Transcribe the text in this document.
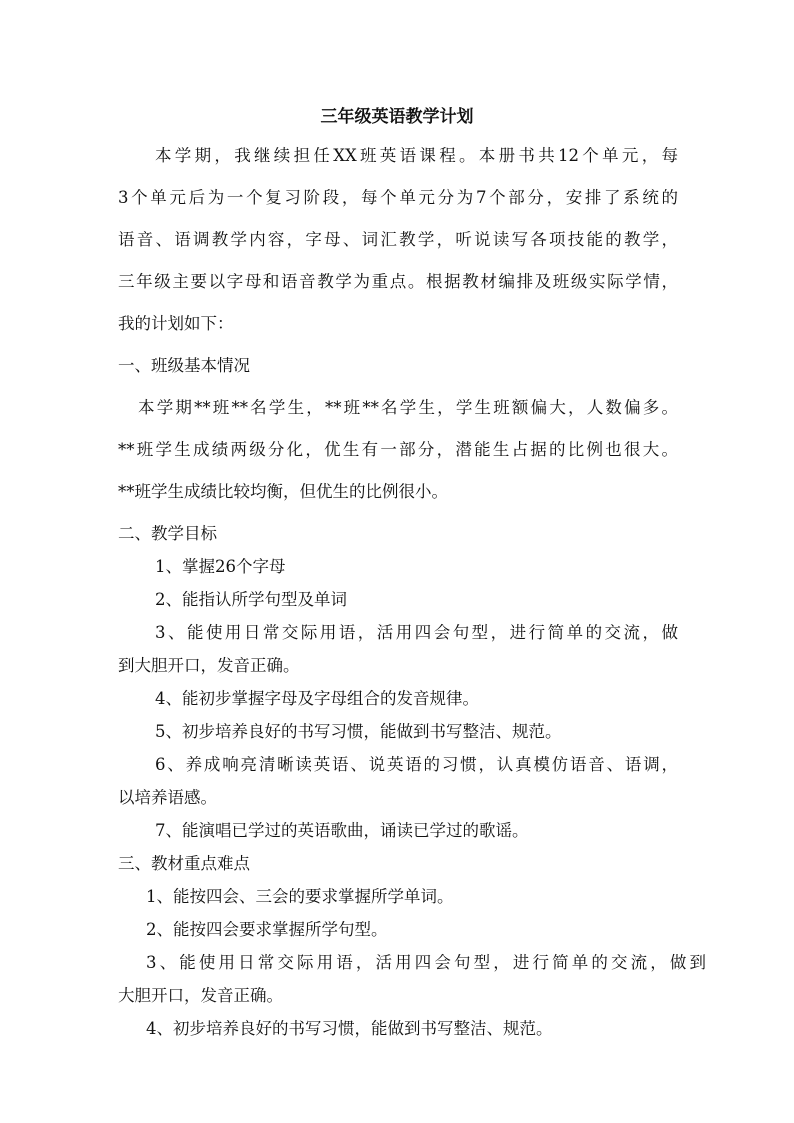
三年级英语教学计划
本学期，我继续担任XX班英语课程。本册书共12个单元，每
3个单元后为一个复习阶段，每个单元分为7个部分，安排了系统的
语音、语调教学内容，字母、词汇教学，听说读写各项技能的教学，
三年级主要以字母和语音教学为重点。根据教材编排及班级实际学情，
我的计划如下：
一、班级基本情况
本学期**班**名学生，**班**名学生，学生班额偏大，人数偏多。
**班学生成绩两级分化，优生有一部分，潜能生占据的比例也很大。
**班学生成绩比较均衡，但优生的比例很小。
二、教学目标
1、掌握26个字母
2、能指认所学句型及单词
3、能使用日常交际用语，活用四会句型，进行简单的交流，做
到大胆开口，发音正确。
4、能初步掌握字母及字母组合的发音规律。
5、初步培养良好的书写习惯，能做到书写整洁、规范。
6、养成响亮清晰读英语、说英语的习惯，认真模仿语音、语调，
以培养语感。
7、能演唱已学过的英语歌曲，诵读已学过的歌谣。
三、教材重点难点
1、能按四会、三会的要求掌握所学单词。
2、能按四会要求掌握所学句型。
3、能使用日常交际用语，活用四会句型，进行简单的交流，做到
大胆开口，发音正确。
4、初步培养良好的书写习惯，能做到书写整洁、规范。
